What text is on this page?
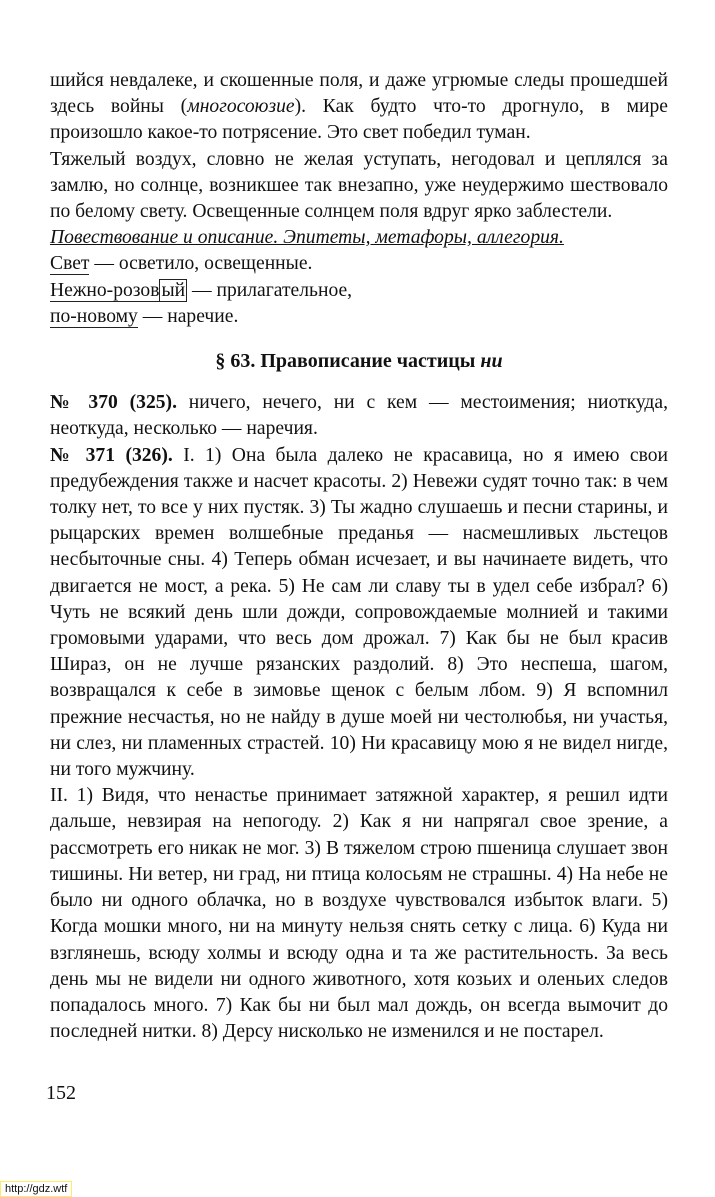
шийся невдалеке, и скошенные поля, и даже угрюмые следы прошедшей здесь войны (многосоюзие). Как будто что-то дрогнуло, в мире произошло какое-то потрясение. Это свет победил туман.

Тяжелый воздух, словно не желая уступать, негодовал и цеплялся за замлю, но солнце, возникшее так внезапно, уже неудержимо шествовало по белому свету. Освещенные солнцем поля вдруг ярко заблестели.

Повествование и описание. Эпитеты, метафоры, аллегория.

Свет — осветило, освещенные.

Нежно-розов ый — прилагательное,

по-новому — наречие.

§ 63. Правописание частицы ни

№ 370 (325). ничего, нечего, ни с кем — местоимения; ниоткуда, неоткуда, несколько — наречия.

№ 371 (326). I. 1) Она была далеко не красавица, но я имею свои предубеждения также и насчет красоты. 2) Невежи судят точно так: в чем толку нет, то все у них пустяк. 3) Ты жадно слушаешь и песни старины, и рыцарских времен волшебные преданья — насмешливых льстецов несбыточные сны. 4) Теперь обман исчезает, и вы начинаете видеть, что двигается не мост, а река. 5) Не сам ли славу ты в удел себе избрал? 6) Чуть не всякий день шли дожди, сопровождаемые молнией и такими громовыми ударами, что весь дом дрожал. 7) Как бы не был красив Шираз, он не лучше рязанских раздолий. 8) Это неспеша, шагом, возвращался к себе в зимовье щенок с белым лбом. 9) Я вспомнил прежние несчастья, но не найду в душе моей ни честолюбья, ни участья, ни слез, ни пламенных страстей. 10) Ни красавицу мою я не видел нигде, ни того мужчину.

II. 1) Видя, что ненастье принимает затяжной характер, я решил идти дальше, невзирая на непогоду. 2) Как я ни напрягал свое зрение, а рассмотреть его никак не мог. 3) В тяжелом строю пшеница слушает звон тишины. Ни ветер, ни град, ни птица колосьям не страшны. 4) На небе не было ни одного облачка, но в воздухе чувствовался избыток влаги. 5) Когда мошки много, ни на минуту нельзя снять сетку с лица. 6) Куда ни взглянешь, всюду холмы и всюду одна и та же растительность. За весь день мы не видели ни одного животного, хотя козьих и оленьих следов попадалось много. 7) Как бы ни был мал дождь, он всегда вымочит до последней нитки. 8) Дерсу нисколько не изменился и не постарел.

152
http://gdz.wtf
